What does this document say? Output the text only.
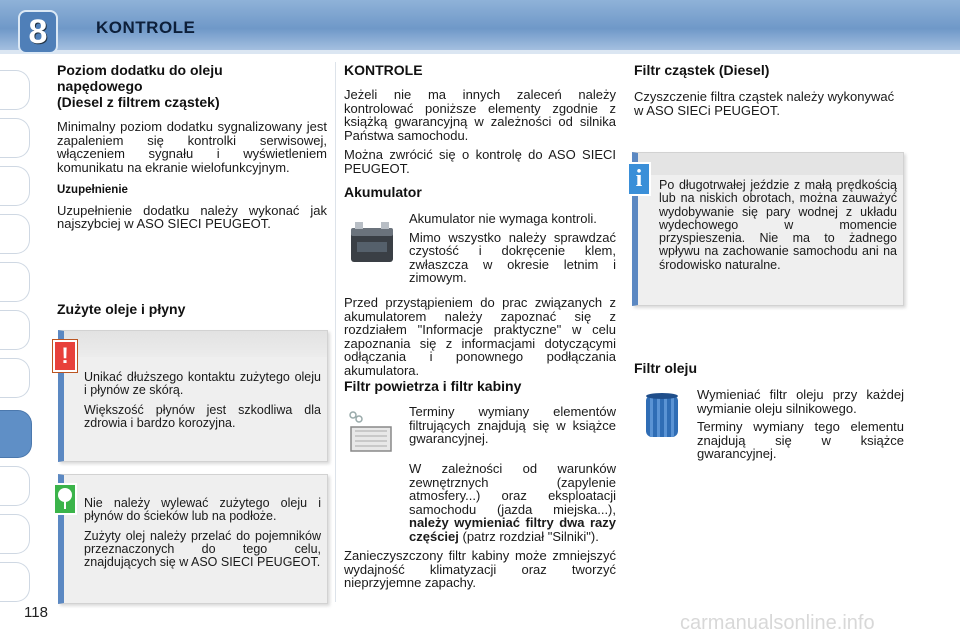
8	KONTROLE
Poziom dodatku do oleju
napędowego
(Diesel z filtrem cząstek)

Minimalny poziom dodatku sygnalizowany jest zapaleniem się kontrolki serwisowej, włączeniem sygnału i wyświetleniem komunikatu na ekranie wielofunkcyjnym.

Uzupełnienie

Uzupełnienie dodatku należy wykonać jak najszybciej w ASO SIECI PEUGEOT.

Zużyte oleje i płyny

Unikać dłuższego kontaktu zużytego oleju i płynów ze skórą.

Większość płynów jest szkodliwa dla zdrowia i bardzo korozyjna.

!

Nie należy wylewać zużytego oleju i płynów do ścieków lub na podłoże.

Zużyty olej należy przelać do pojemników przeznaczonych do tego celu, znajdujących się w ASO SIECI PEUGEOT.

KONTROLE

Jeżeli nie ma innych zaleceń należy kontrolować poniższe elementy zgodnie z książką gwarancyjną w zależności od silnika Państwa samochodu.

Można zwrócić się o kontrolę do ASO SIECI PEUGEOT.

Akumulator

Akumulator nie wymaga kontroli.

Mimo wszystko należy sprawdzać czystość i dokręcenie klem, zwłaszcza w okresie letnim i zimowym.

Przed przystąpieniem do prac związanych z akumulatorem należy zapoznać się z rozdziałem "Informacje praktyczne" w celu zapoznania się z informacjami dotyczącymi odłączania i ponownego podłączania akumulatora.

Filtr powietrza i filtr kabiny

Terminy wymiany elementów filtrujących znajdują się w książce gwarancyjnej.

W zależności od warunków zewnętrznych (zapylenie atmosfery...) oraz eksploatacji samochodu (jazda miejska...), należy wymieniać filtry dwa razy częściej (patrz rozdział "Silniki").

Zanieczyszczony filtr kabiny może zmniejszyć wydajność klimatyzacji oraz tworzyć nieprzyjemne zapachy.

Filtr cząstek (Diesel)

Czyszczenie filtra cząstek należy wykonywać w ASO SIECi PEUGEOT.

Po długotrwałej jeździe z małą prędkością lub na niskich obrotach, można zauważyć wydobywanie się pary wodnej z układu wydechowego w momencie przyspieszenia. Nie ma to żadnego wpływu na zachowanie samochodu ani na środowisko naturalne.

i
Filtr oleju

Wymieniać filtr oleju przy każdej wymianie oleju silnikowego.

Terminy wymiany tego elementu znajdują się w książce gwarancyjnej.

118	carmanualsonline.info
